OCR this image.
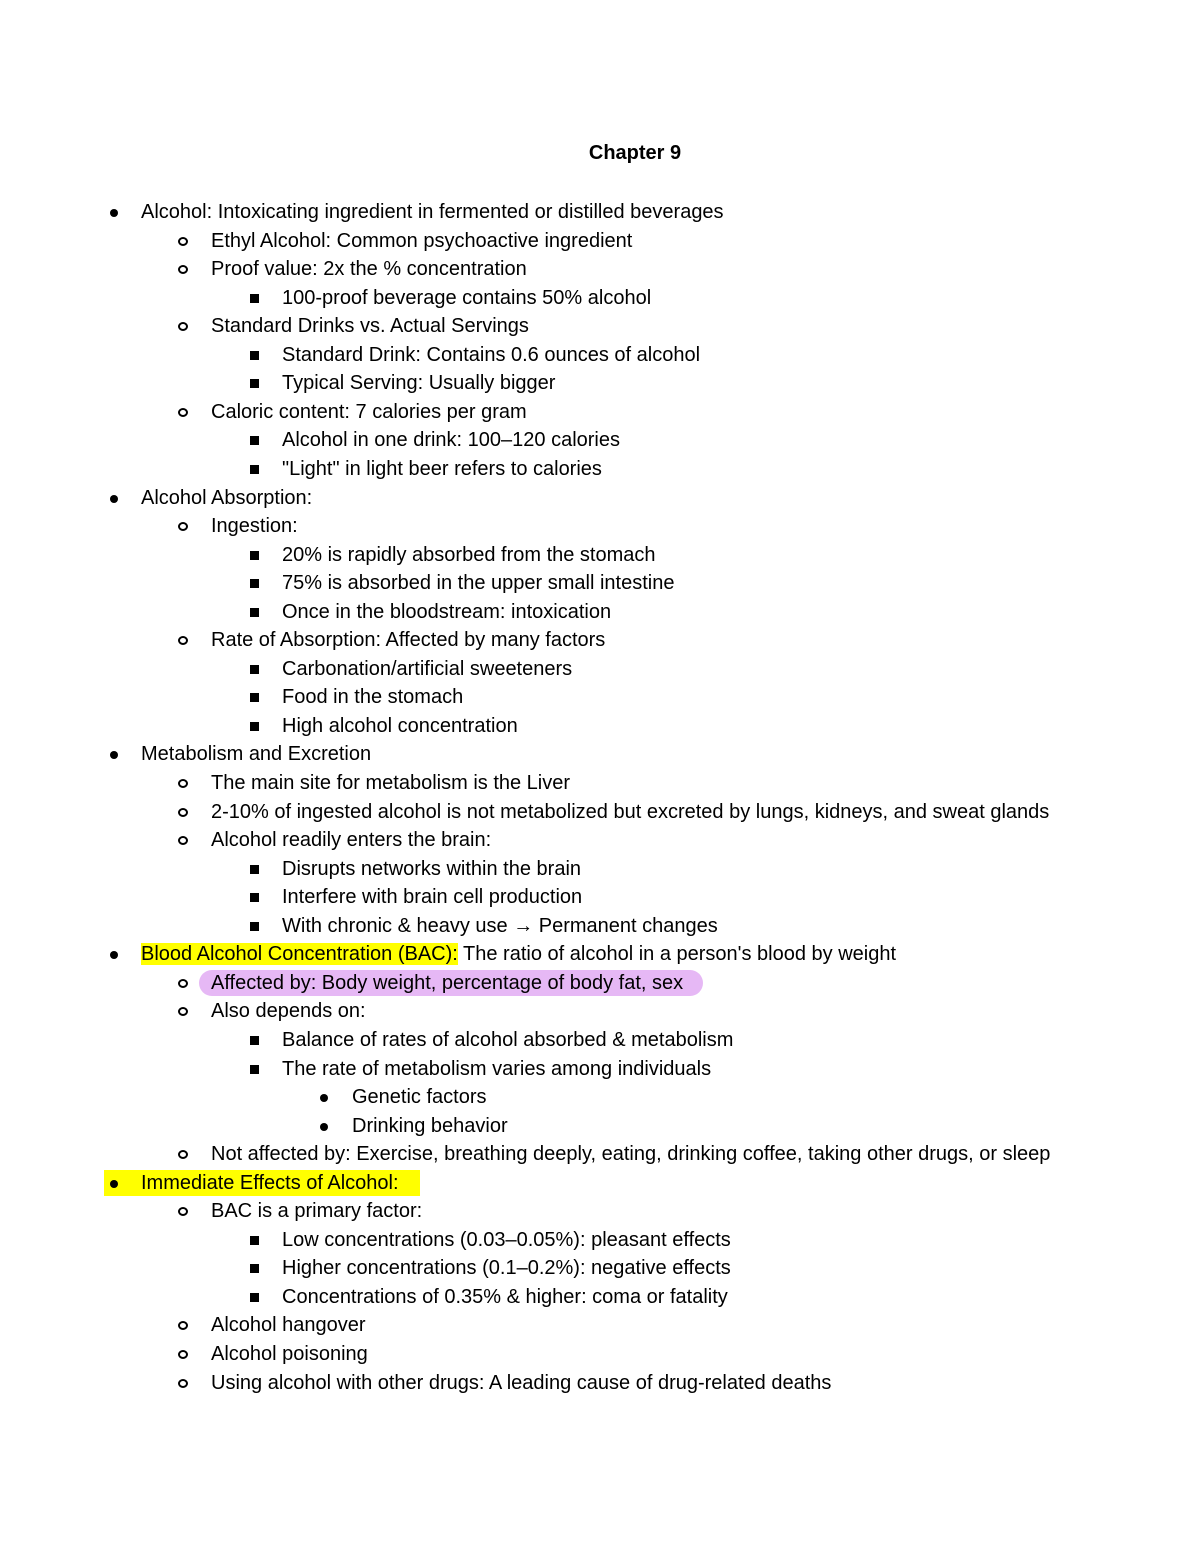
Chapter 9
Alcohol: Intoxicating ingredient in fermented or distilled beverages
Ethyl Alcohol: Common psychoactive ingredient
Proof value: 2x the % concentration
100-proof beverage contains 50% alcohol
Standard Drinks vs. Actual Servings
Standard Drink: Contains 0.6 ounces of alcohol
Typical Serving: Usually bigger
Caloric content: 7 calories per gram
Alcohol in one drink: 100–120 calories
"Light" in light beer refers to calories
Alcohol Absorption:
Ingestion:
20% is rapidly absorbed from the stomach
75% is absorbed in the upper small intestine
Once in the bloodstream: intoxication
Rate of Absorption: Affected by many factors
Carbonation/artificial sweeteners
Food in the stomach
High alcohol concentration
Metabolism and Excretion
The main site for metabolism is the Liver
2-10% of ingested alcohol is not metabolized but excreted by lungs, kidneys, and sweat glands
Alcohol readily enters the brain:
Disrupts networks within the brain
Interfere with brain cell production
With chronic & heavy use → Permanent changes
Blood Alcohol Concentration (BAC): The ratio of alcohol in a person's blood by weight
Affected by: Body weight, percentage of body fat, sex
Also depends on:
Balance of rates of alcohol absorbed & metabolism
The rate of metabolism varies among individuals
Genetic factors
Drinking behavior
Not affected by: Exercise, breathing deeply, eating, drinking coffee, taking other drugs, or sleep
Immediate Effects of Alcohol:
BAC is a primary factor:
Low concentrations (0.03–0.05%): pleasant effects
Higher concentrations (0.1–0.2%): negative effects
Concentrations of 0.35% & higher: coma or fatality
Alcohol hangover
Alcohol poisoning
Using alcohol with other drugs: A leading cause of drug-related deaths
